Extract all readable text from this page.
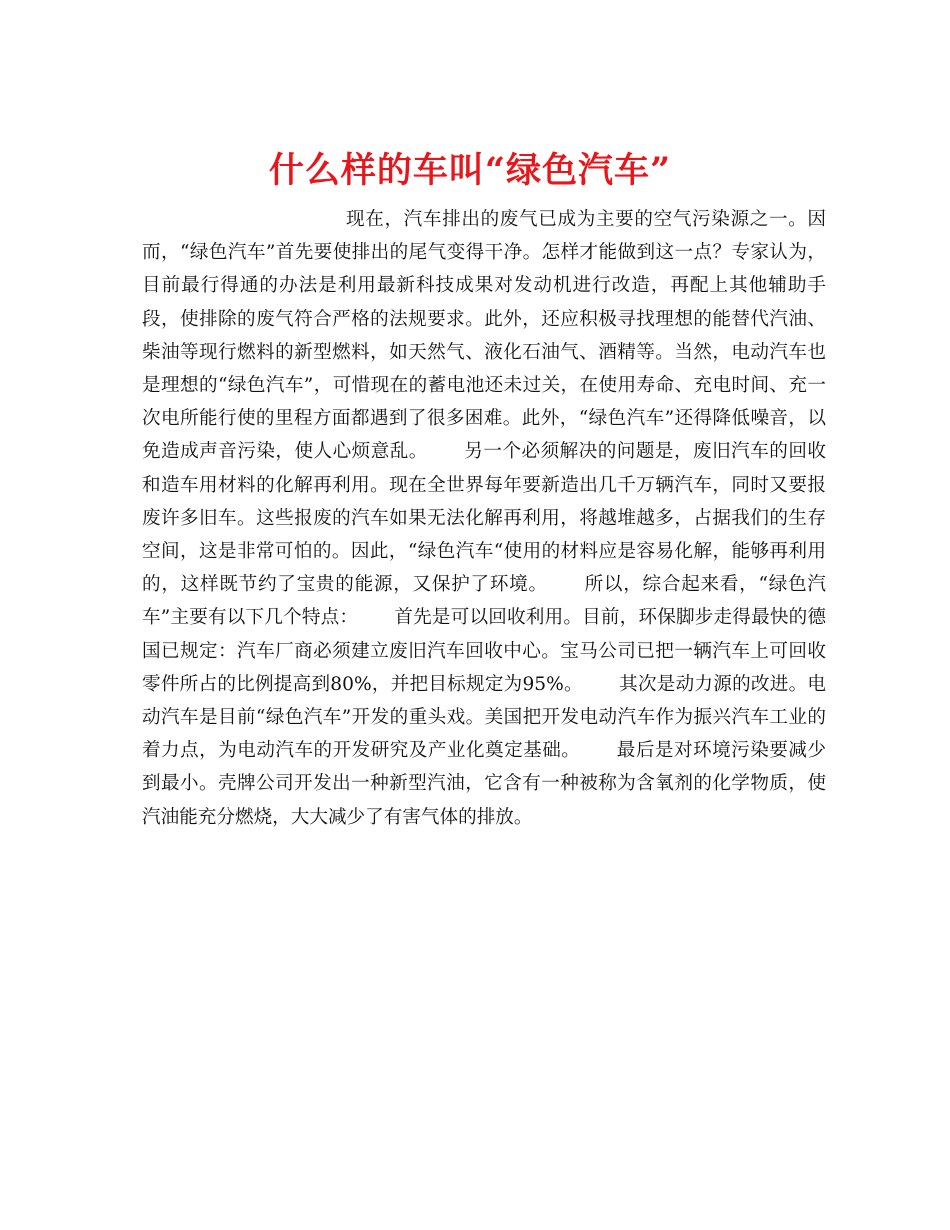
什么样的车叫“绿色汽车”

现在，汽车排出的废气已成为主要的空气污染源之一。因而，“绿色汽车”首先要使排出的尾气变得干净。怎样才能做到这一点？专家认为，目前最行得通的办法是利用最新科技成果对发动机进行改造，再配上其他辅助手段，使排除的废气符合严格的法规要求。此外，还应积极寻找理想的能替代汽油、柴油等现行燃料的新型燃料，如天然气、液化石油气、酒精等。当然，电动汽车也是理想的“绿色汽车”，可惜现在的蓄电池还未过关，在使用寿命、充电时间、充一次电所能行使的里程方面都遇到了很多困难。此外，“绿色汽车”还得降低噪音，以免造成声音污染，使人心烦意乱。 另一个必须解决的问题是，废旧汽车的回收和造车用材料的化解再利用。现在全世界每年要新造出几千万辆汽车，同时又要报废许多旧车。这些报废的汽车如果无法化解再利用，将越堆越多，占据我们的生存空间，这是非常可怕的。因此，“绿色汽车“使用的材料应是容易化解，能够再利用的，这样既节约了宝贵的能源，又保护了环境。 所以，综合起来看，“绿色汽车”主要有以下几个特点： 首先是可以回收利用。目前，环保脚步走得最快的德国已规定：汽车厂商必须建立废旧汽车回收中心。宝马公司已把一辆汽车上可回收零件所占的比例提高到80%，并把目标规定为95%。 其次是动力源的改进。电动汽车是目前“绿色汽车”开发的重头戏。美国把开发电动汽车作为振兴汽车工业的着力点，为电动汽车的开发研究及产业化奠定基础。 最后是对环境污染要减少到最小。壳牌公司开发出一种新型汽油，它含有一种被称为含氧剂的化学物质，使汽油能充分燃烧，大大减少了有害气体的排放。
